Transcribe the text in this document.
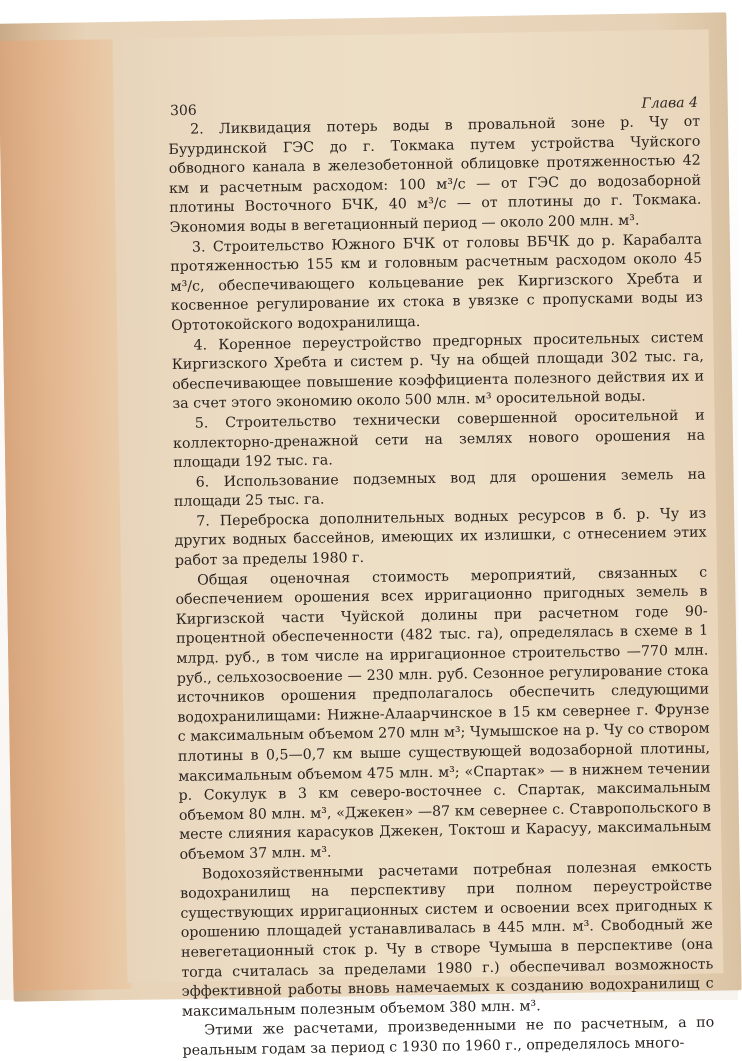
306	Глава 4

2. Ликвидация потерь воды в провальной зоне р. Чу от Буурдинской ГЭС до г. Токмака путем устройства Чуйского обводного канала в железобетонной облицовке протяженностью 42 км и расчетным расходом: 100 м³/с — от ГЭС до водозаборной плотины Восточного БЧК, 40 м³/с — от плотины до г. Токмака. Экономия воды в вегетационный период — около 200 млн. м³.

3. Строительство Южного БЧК от головы ВБЧК до р. Карабалта протяженностью 155 км и головным расчетным расходом около 45 м³/с, обеспечивающего кольцевание рек Киргизского Хребта и косвенное регулирование их стока в увязке с пропусками воды из Ортотокойского водохранилища.

4. Коренное переустройство предгорных просительных систем Киргизского Хребта и систем р. Чу на общей площади 302 тыс. га, обеспечивающее повышение коэффициента полезного действия их и за счет этого экономию около 500 млн. м³ оросительной воды.

5. Строительство технически совершенной оросительной и коллекторно-дренажной сети на землях нового орошения на площади 192 тыс. га.

6. Использование подземных вод для орошения земель на площади 25 тыс. га.

7. Переброска дополнительных водных ресурсов в б. р. Чу из других водных бассейнов, имеющих их излишки, с отнесением этих работ за пределы 1980 г.

Общая оценочная стоимость мероприятий, связанных с обеспечением орошения всех ирригационно пригодных земель в Киргизской части Чуйской долины при расчетном годе 90-процентной обеспеченности (482 тыс. га), определялась в схеме в 1 млрд. руб., в том числе на ирригационное строительство —770 млн. руб., сельхозосвоение — 230 млн. руб. Сезонное регулирование стока источников орошения предполагалось обеспечить следующими водохранилищами: Нижне-Алаарчинское в 15 км севернее г. Фрунзе с максимальным объемом 270 млн м³; Чумышское на р. Чу со створом плотины в 0,5—0,7 км выше существующей водозаборной плотины, максимальным объемом 475 млн. м³; «Спартак» — в нижнем течении р. Сокулук в 3 км северо-восточнее с. Спартак, максимальным объемом 80 млн. м³, «Джекен» —87 км севернее с. Ставропольского в месте слияния карасуков Джекен, Токтош и Карасуу, максимальным объемом 37 млн. м³.

Водохозяйственными расчетами потребная полезная емкость водохранилищ на перспективу при полном переустройстве существующих ирригационных систем и освоении всех пригодных к орошению площадей устанавливалась в 445 млн. м³. Свободный же невегетационный сток р. Чу в створе Чумыша в перспективе (она тогда считалась за пределами 1980 г.) обеспечивал возможность эффективной работы вновь намечаемых к созданию водохранилищ с максимальным полезным объемом 380 млн. м³.

Этими же расчетами, произведенными не по расчетным, а по реальным годам за период с 1930 по 1960 г., определялось много-
